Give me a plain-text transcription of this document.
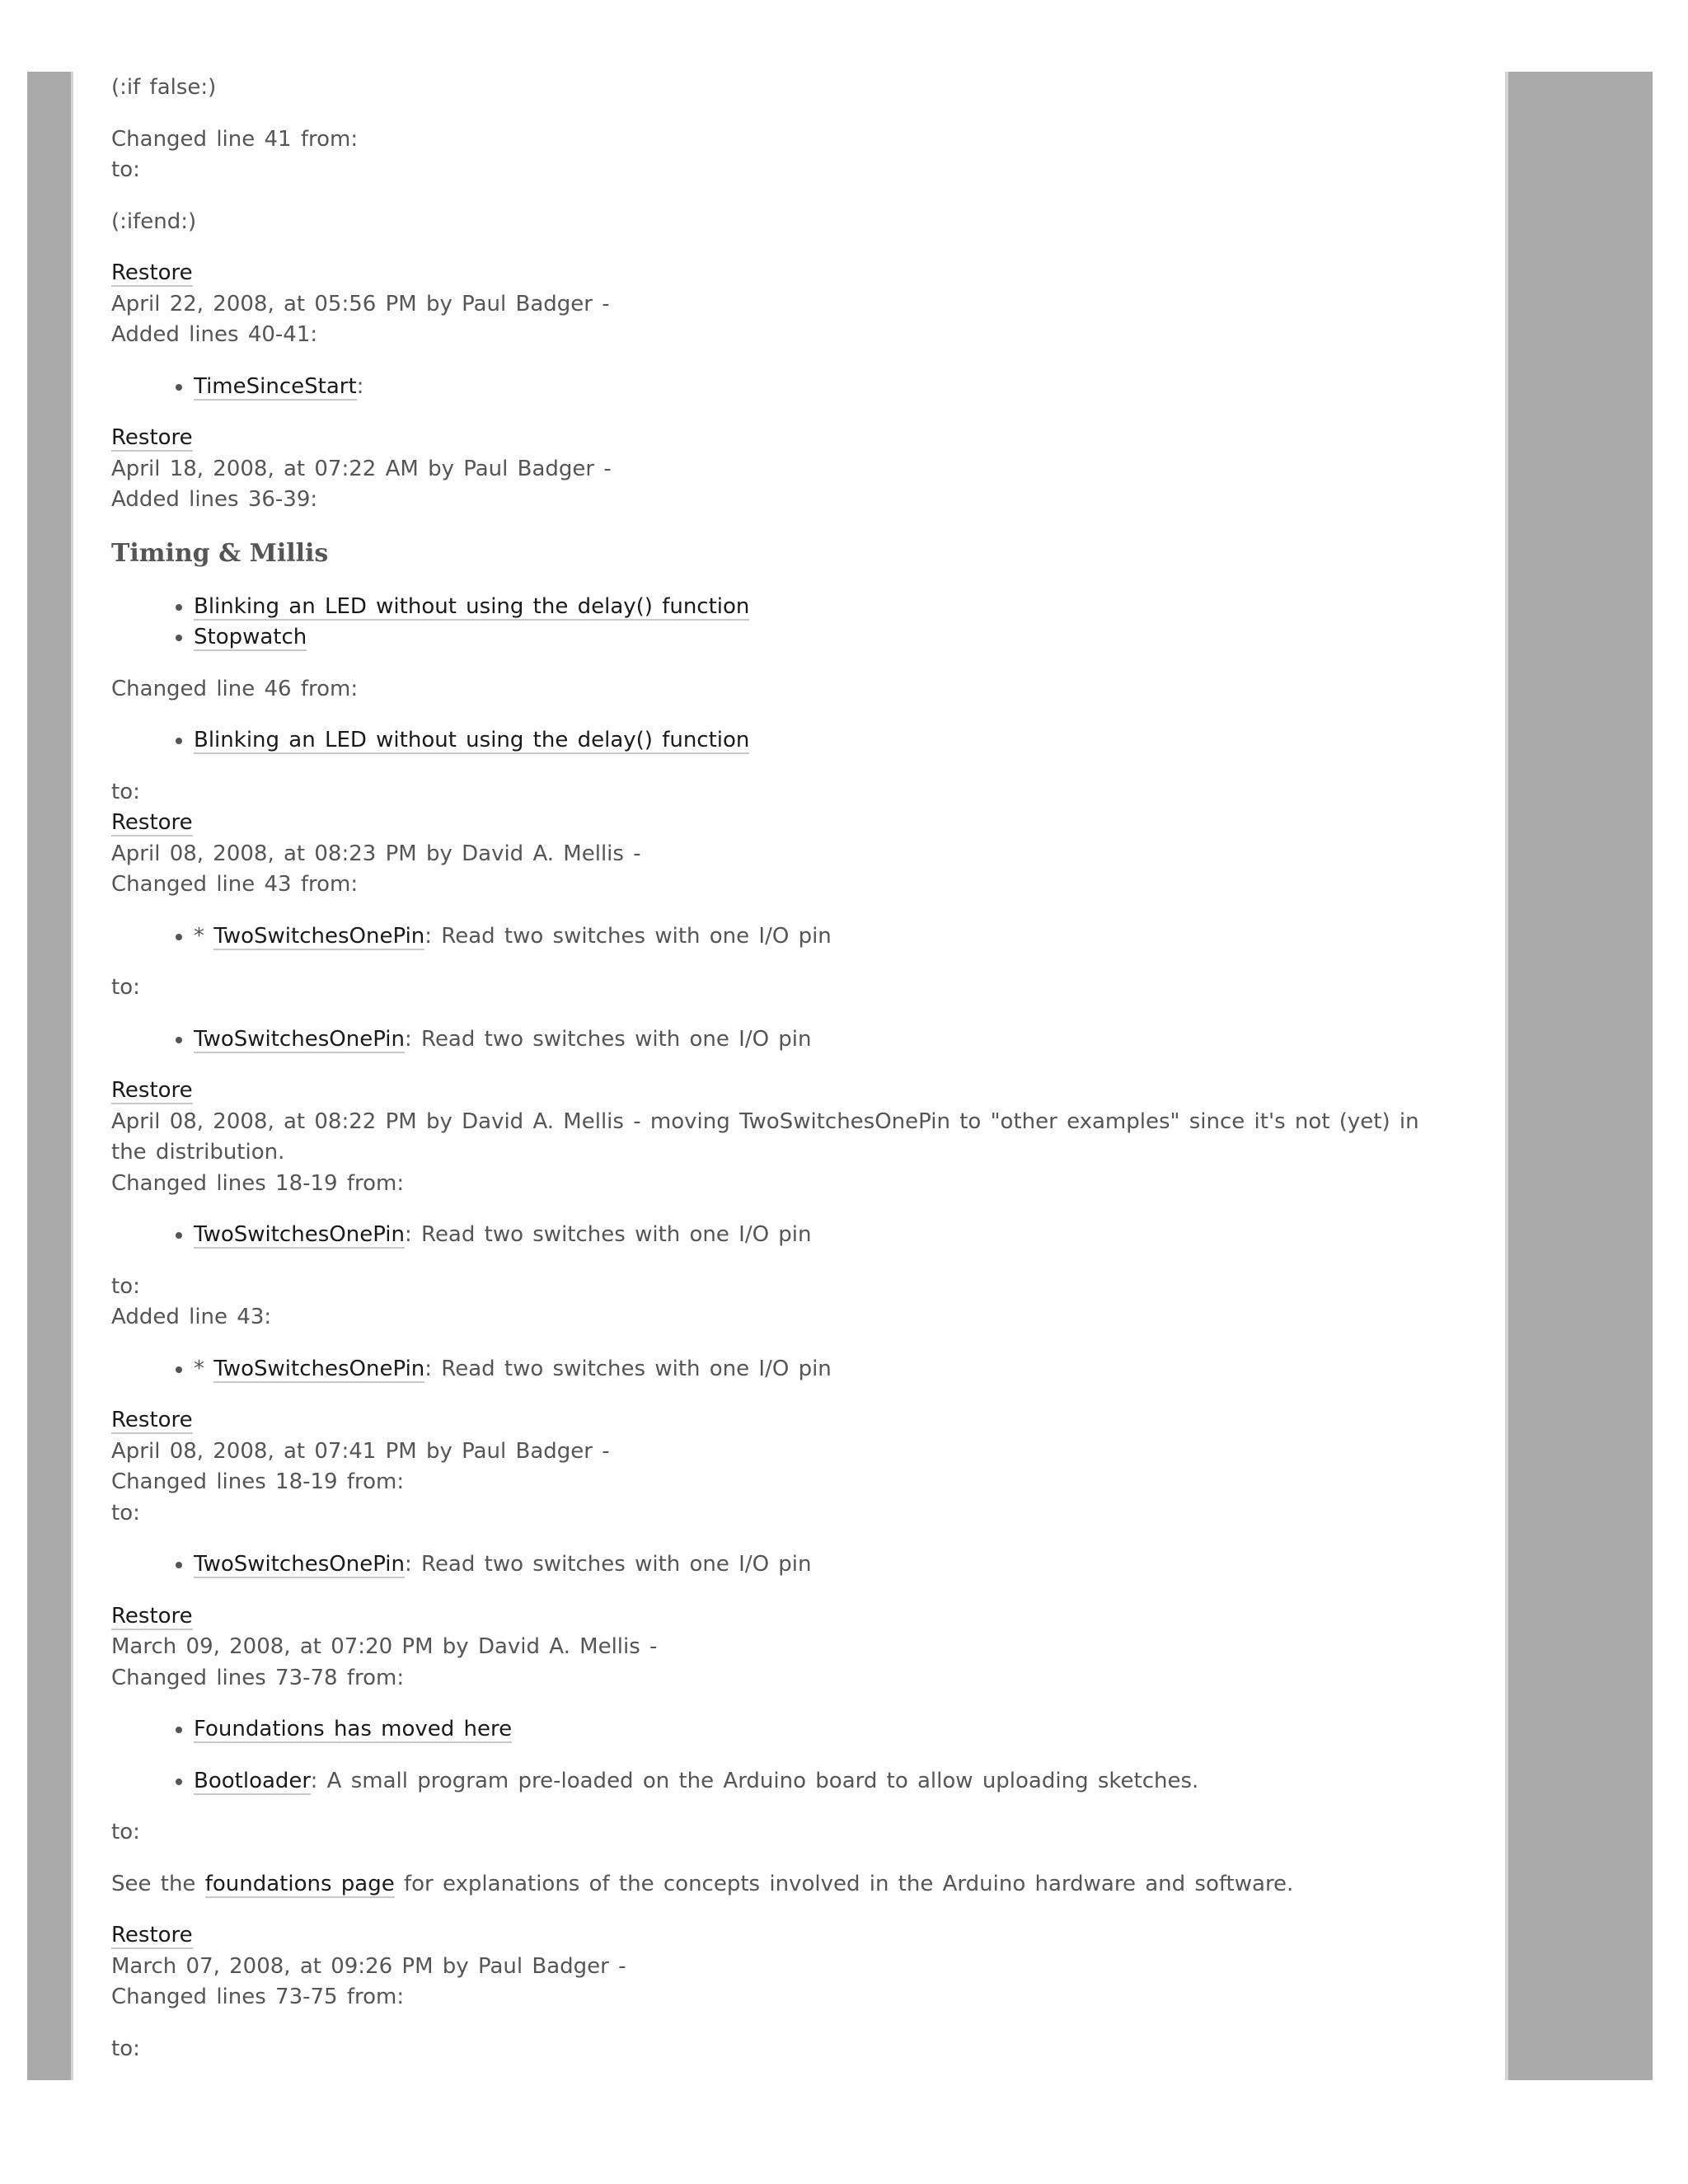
(:if false:)

Changed line 41 from:

to:

(:ifend:)

Restore
April 22, 2008, at 05:56 PM by Paul Badger -

Added lines 40-41:

• TimeSinceStart:
Restore
April 18, 2008, at 07:22 AM by Paul Badger -

Added lines 36-39:

Timing & Millis
• Blinking an LED without using the delay() function
• Stopwatch

Changed line 46 from:

• Blinking an LED without using the delay() function
to:
Restore
April 08, 2008, at 08:23 PM by David A. Mellis -

Changed line 43 from:

• * TwoSwitchesOnePin: Read two switches with one I/O pin

to:

• TwoSwitchesOnePin: Read two switches with one I/O pin
Restore
April 08, 2008, at 08:22 PM by David A. Mellis - moving TwoSwitchesOnePin to "other examples" since it's not (yet) in the distribution.

Changed lines 18-19 from:

• TwoSwitchesOnePin: Read two switches with one I/O pin
to:

Added line 43:

• * TwoSwitchesOnePin: Read two switches with one I/O pin
Restore
April 08, 2008, at 07:41 PM by Paul Badger -
Changed lines 18-19 from:

to:

• TwoSwitchesOnePin: Read two switches with one I/O pin
Restore
March 09, 2008, at 07:20 PM by David A. Mellis -

Changed lines 73-78 from:

• Foundations has moved here
• Bootloader: A small program pre-loaded on the Arduino board to allow uploading sketches.

to:

See the foundations page for explanations of the concepts involved in the Arduino hardware and software.

Restore
March 07, 2008, at 09:26 PM by Paul Badger -

Changed lines 73-75 from:

to:
